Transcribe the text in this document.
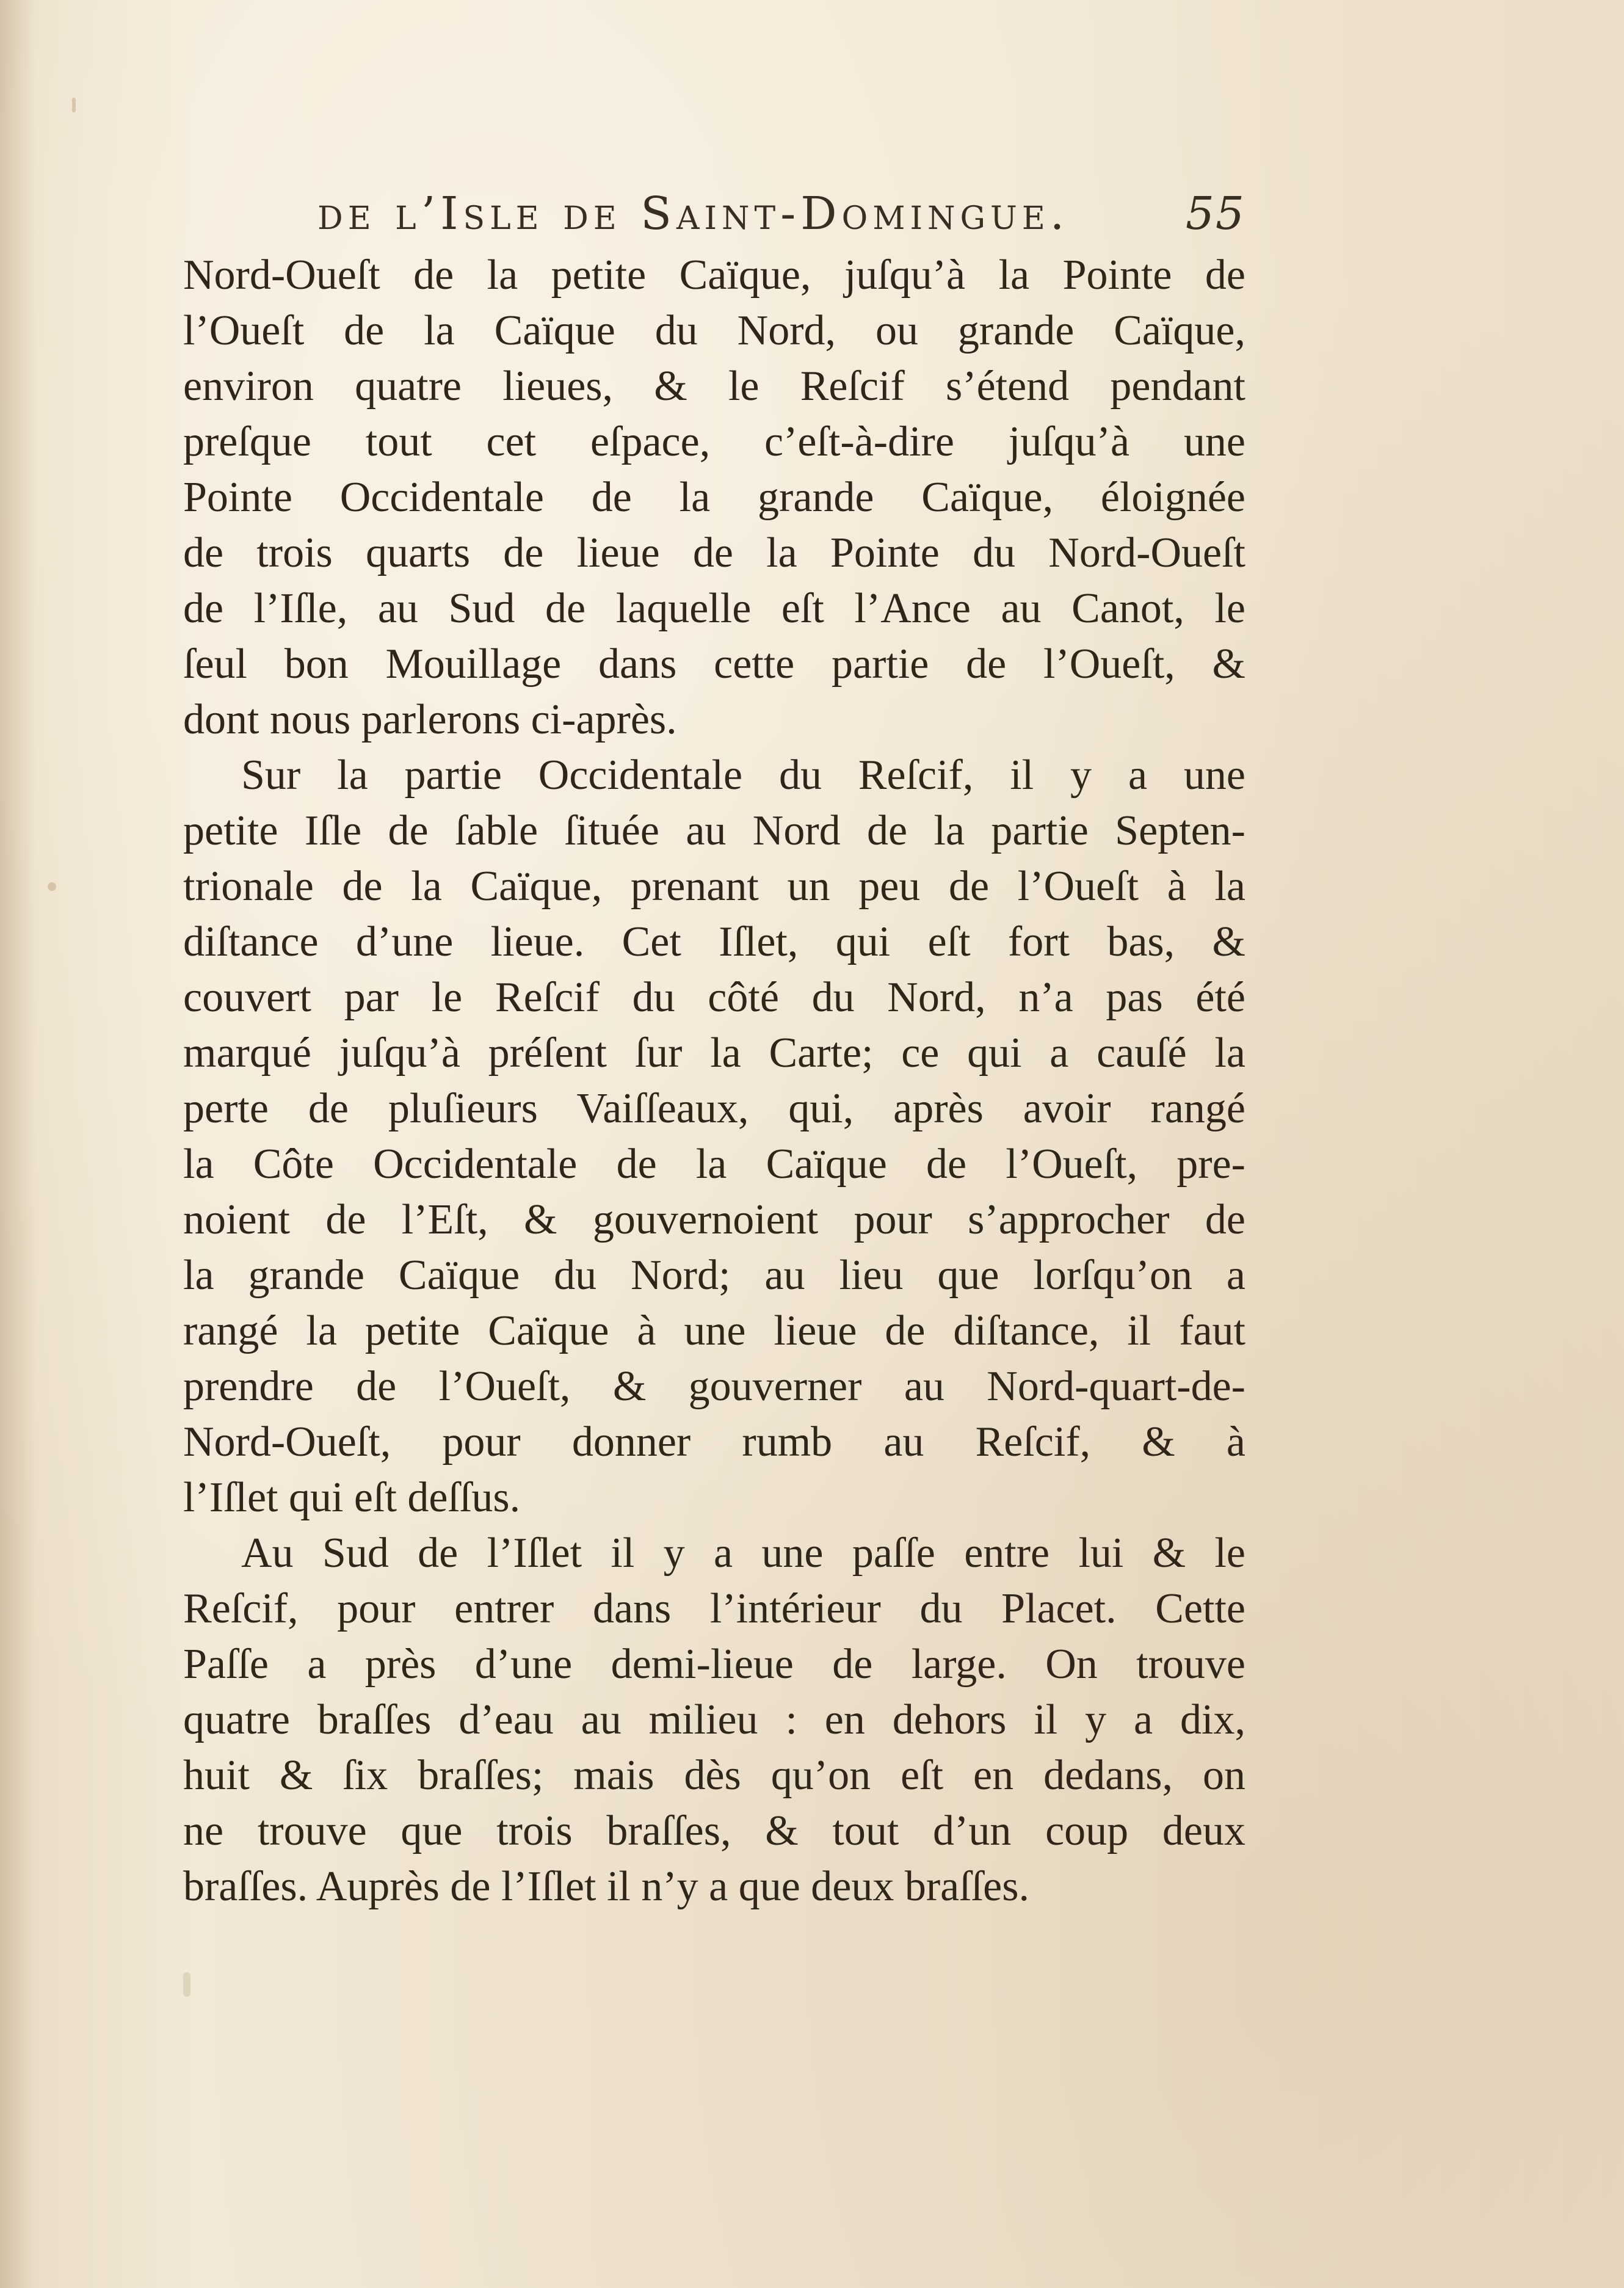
de l’Isle de Saint-Domingue.	55
Nord-Oueſt de la petite Caïque, juſqu’à la Pointe de
l’Oueſt de la Caïque du Nord, ou grande Caïque,
environ quatre lieues, & le Reſcif s’étend pendant
preſque tout cet eſpace, c’eſt-à-dire juſqu’à une
Pointe Occidentale de la grande Caïque, éloignée
de trois quarts de lieue de la Pointe du Nord-Oueſt
de l’Iſle, au Sud de laquelle eſt l’Ance au Canot, le
ſeul bon Mouillage dans cette partie de l’Oueſt, &
dont nous parlerons ci-après.
Sur la partie Occidentale du Reſcif, il y a une
petite Iſle de ſable ſituée au Nord de la partie Septen-
trionale de la Caïque, prenant un peu de l’Oueſt à la
diſtance d’une lieue. Cet Iſlet, qui eſt fort bas, &
couvert par le Reſcif du côté du Nord, n’a pas été
marqué juſqu’à préſent ſur la Carte; ce qui a cauſé la
perte de pluſieurs Vaiſſeaux, qui, après avoir rangé
la Côte Occidentale de la Caïque de l’Oueſt, pre-
noient de l’Eſt, & gouvernoient pour s’approcher de
la grande Caïque du Nord; au lieu que lorſqu’on a
rangé la petite Caïque à une lieue de diſtance, il faut
prendre de l’Oueſt, & gouverner au Nord-quart-de-
Nord-Oueſt, pour donner rumb au Reſcif, & à
l’Iſlet qui eſt deſſus.
Au Sud de l’Iſlet il y a une paſſe entre lui & le
Reſcif, pour entrer dans l’intérieur du Placet. Cette
Paſſe a près d’une demi-lieue de large. On trouve
quatre braſſes d’eau au milieu : en dehors il y a dix,
huit & ſix braſſes; mais dès qu’on eſt en dedans, on
ne trouve que trois braſſes, & tout d’un coup deux
braſſes. Auprès de l’Iſlet il n’y a que deux braſſes.
